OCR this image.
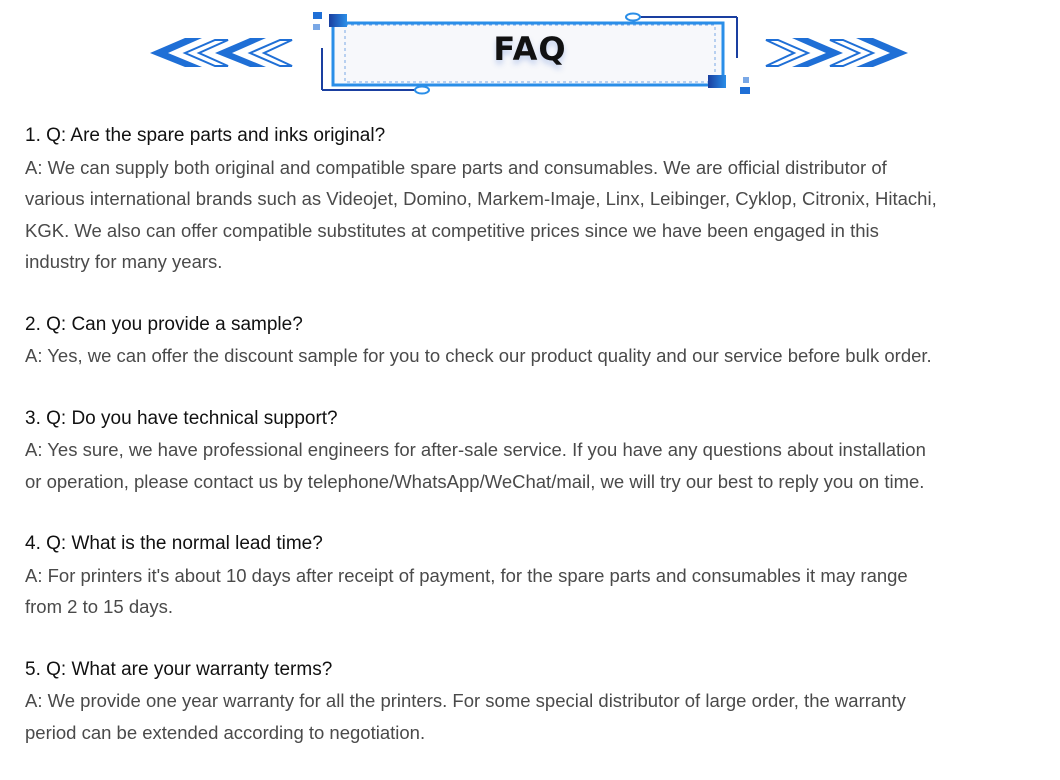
FAQ
1. Q: Are the spare parts and inks original?
A: We can supply both original and compatible spare parts and consumables. We are official distributor of
various international brands such as Videojet, Domino, Markem-Imaje, Linx, Leibinger, Cyklop, Citronix, Hitachi,
KGK. We also can offer compatible substitutes at competitive prices since we have been engaged in this
industry for many years.
2. Q: Can you provide a sample?
A: Yes, we can offer the discount sample for you to check our product quality and our service before bulk order.
3. Q: Do you have technical support?
A: Yes sure, we have professional engineers for after-sale service. If you have any questions about installation
or operation, please contact us by telephone/WhatsApp/WeChat/mail, we will try our best to reply you on time.
4. Q: What is the normal lead time?
A: For printers it's about 10 days after receipt of payment, for the spare parts and consumables it may range
from 2 to 15 days.
5. Q: What are your warranty terms?
A: We provide one year warranty for all the printers. For some special distributor of large order, the warranty
period can be extended according to negotiation.
